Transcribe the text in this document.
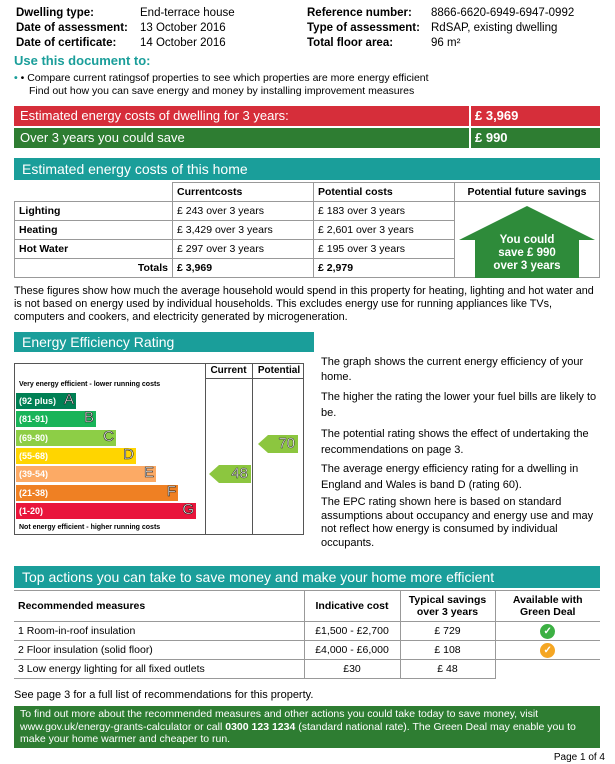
Dwelling type:	End-terrace house
Date of assessment:	13 October 2016
Date of certificate:	14 October 2016
Reference number:	8866-6620-6949-6947-0992
Type of assessment: RdSAP, existing dwelling
Total floor area:	96 m²
Use this document to:
• • Compare current ratingsof properties to see which properties are more energy efficient
Find out how you can save energy and money by installing improvement measures
Estimated energy costs of dwelling for 3 years:	£ 3,969
Over 3 years you could save	£ 990
Estimated energy costs of this home
	Currentcosts	Potential costs	Potential future savings
Lighting	£ 243 over 3 years	£ 183 over 3 years	You could
save £ 990
over 3 years

Heating	£ 3,429 over 3 years	£ 2,601 over 3 years	
Hot Water	£ 297 over 3 years	£ 195 over 3 years	
Totals	£ 3,969	£ 2,979	
These figures show how much the average household would spend in this property for heating, lighting and hot water and is not based on energy used by individual households. This excludes energy use for running appliances like TVs, computers and cookers, and electricity generated by microgeneration.
Energy Efficiency Rating
Current	Potential
Very energy efficient - lower running costs
Not energy efficient - higher running costs
(92 plus) A
(81-91) B
(69-80)	C
(55-68)	D
(39-54)	E
(21-38)	F
(1-20)	G
48
70
The graph shows the current energy efficiency of your home.
The higher the rating the lower your fuel bills are likely to be.
The potential rating shows the effect of undertaking the recommendations on page 3.
The average energy efficiency rating for a dwelling in England and Wales is band D (rating 60).
The EPC rating shown here is based on standard assumptions about occupancy and energy use and may not reflect how energy is consumed by individual occupants.
Top actions you can take to save money and make your home more efficient
Recommended measures	Indicative cost	Typical savings over 3 years	Available with Green Deal
1 Room-in-roof insulation	£1,500 - £2,700	£ 729	✓
2 Floor insulation (solid floor)	£4,000 - £6,000	£ 108	✓
3 Low energy lighting for all fixed outlets	£30	£ 48	
See page 3 for a full list of recommendations for this property.
To find out more about the recommended measures and other actions you could take today to save money, visit www.gov.uk/energy-grants-calculator or call 0300 123 1234 (standard national rate). The Green Deal may enable you to make your home warmer and cheaper to run.
Page 1 of 4
